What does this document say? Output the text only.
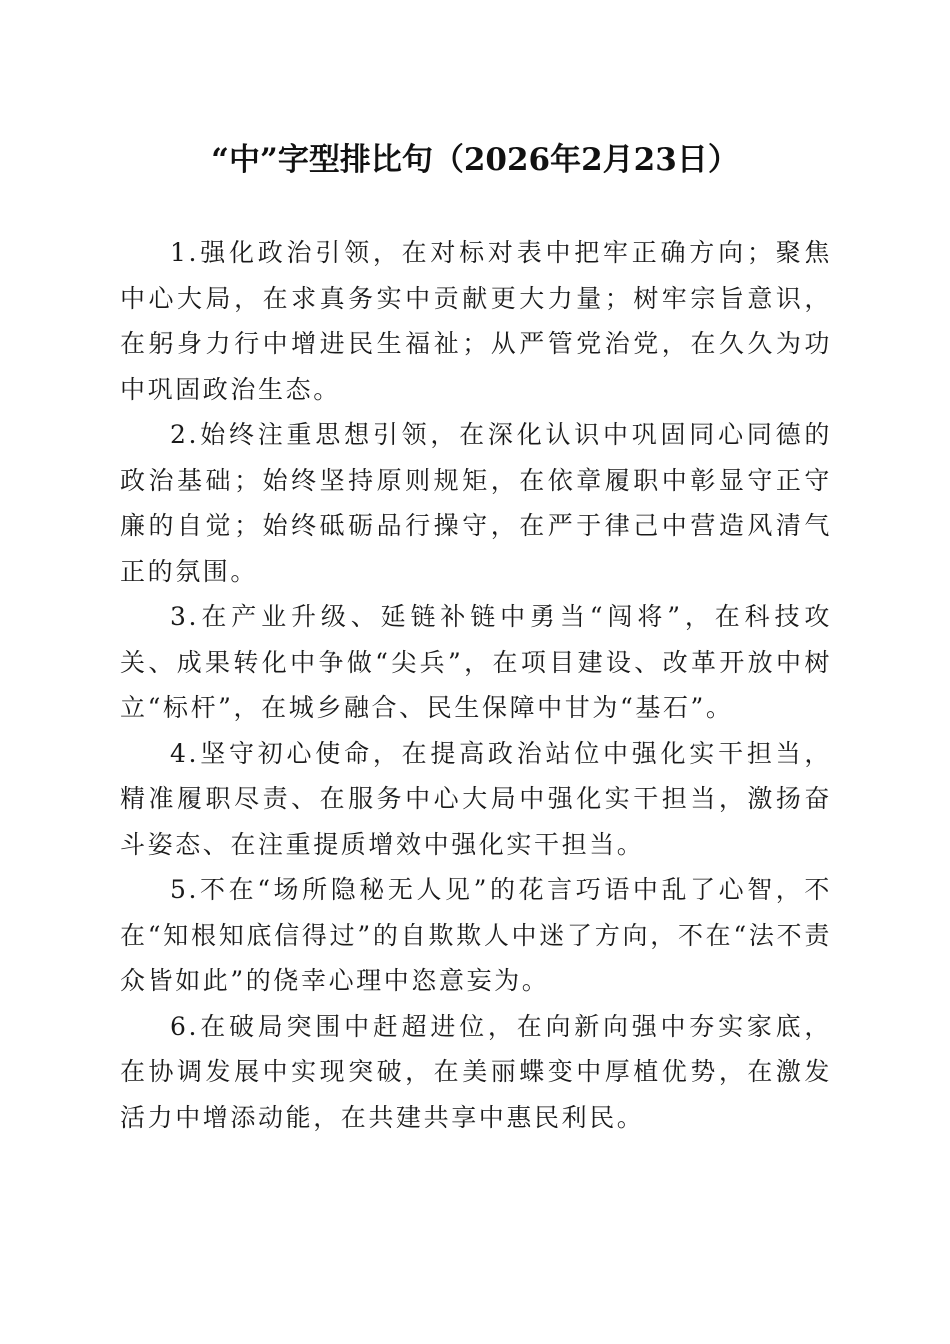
“中”字型排比句（2026年2月23日）

1.强化政治引领，在对标对表中把牢正确方向；聚焦中心大局，在求真务实中贡献更大力量；树牢宗旨意识，在躬身力行中增进民生福祉；从严管党治党，在久久为功中巩固政治生态。

2.始终注重思想引领，在深化认识中巩固同心同德的政治基础；始终坚持原则规矩，在依章履职中彰显守正守廉的自觉；始终砥砺品行操守，在严于律己中营造风清气正的氛围。

3.在产业升级、延链补链中勇当“闯将”，在科技攻关、成果转化中争做“尖兵”，在项目建设、改革开放中树立“标杆”，在城乡融合、民生保障中甘为“基石”。

4.坚守初心使命，在提高政治站位中强化实干担当，精准履职尽责、在服务中心大局中强化实干担当，激扬奋斗姿态、在注重提质增效中强化实干担当。

5.不在“场所隐秘无人见”的花言巧语中乱了心智，不在“知根知底信得过”的自欺欺人中迷了方向，不在“法不责众皆如此”的侥幸心理中恣意妄为。

6.在破局突围中赶超进位，在向新向强中夯实家底，在协调发展中实现突破，在美丽蝶变中厚植优势，在激发活力中增添动能，在共建共享中惠民利民。
